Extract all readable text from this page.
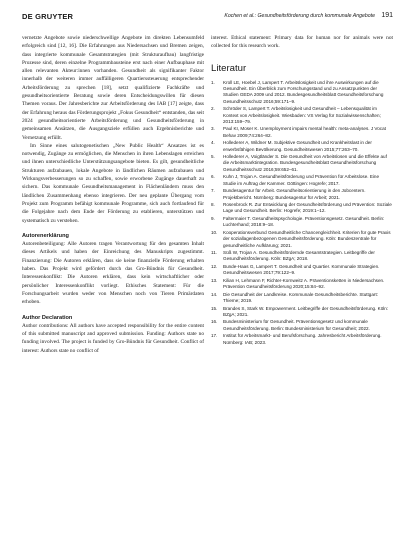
DE GRUYTER	Kochen et al.: Gesundheitsförderung durch kommunale Angebote 191

vernetzte Angebote sowie niederschwellige Angebote im direkten Lebensumfeld erfolgreich sind [12, 16]. Die Erfahrungen aus Niedersachsen und Bremen zeigen, dass integrierte kommunale Gesamtstrategien (mit Strukturaufbau) langfristige Prozesse sind, deren einzelne Programmbausteine erst nach einer Aufbauphase mit allen relevanten Akteur:innen vorhanden. Gesundheit als signifikanter Faktor innerhalb der weiteren immer auffälligeren Quartierssteuerung entsprechender Arbeitsförderung zu sprechen [18], setzt qualifizierte Fachkräfte und gesundheitsorientierte Beratung sowie deren Entscheidungswillen für diesen Themen voraus. Der Jahresberichte zur Arbeitsförderung des IAB [17] zeigte, dass der Erfahrung heraus das Förderungsprojekt „Fokus Gesundheit“ entstanden, das seit 2024 gesundheitsorientierte Arbeitsförderung und Gesundheitsförderung in gemeinsamen Ansätzen, die Ausgangsziele erfüllen auch Ergebnisberichte und Vernetzung erfüllt.

Im Sinne eines salutogenetischen „New Public Health“ Ansatzes ist es notwendig, Zugänge zu ermöglichen, die Menschen in ihren Lebenslagen erreichen und ihnen unterschiedliche Unterstützungsangebote bieten. Es gilt, gesundheitliche Strukturen aufzubauen, lokale Angebote in ländlichen Räumen aufzubauen und Wirkungsverbesserungen so zu schaffen, sowie erworbene Zugänge dauerhaft zu sichern. Das kommunale Gesundheitsmanagement in Flächenländern muss den ländlichen Zusammenhang ebenso integrieren. Der neu geplante Übergang vom Projekt zum Programm befähigt kommunale Programme, sich auch fortlaufend für die Folgejahre nach dem Ende der Förderung zu etablieren, unterstützen und systematisch zu verstehen.

Autorenerklärung

Autorenbeteiligung: Alle Autoren tragen Verantwortung für den gesamten Inhalt dieses Artikels und haben der Einreichung des Manuskripts zugestimmt. Finanzierung: Die Autoren erklären, dass sie keine finanzielle Förderung erhalten haben. Das Projekt wird gefördert durch das Gro-Bündnis für Gesundheit. Interessenkonflikt: Die Autoren erklären, dass kein wirtschaftlicher oder persönlicher Interessenkonflikt vorliegt. Ethisches Statement: Für die Forschungsarbeit wurden weder von Menschen noch von Tieren Primärdaten erhoben.

Author Declaration

Author contributions: All authors have accepted responsibility for the entire content of this submitted manuscript and approved submission. Funding: Authors state no funding involved. The project is funded by Gro-Bündnis für Gesundheit. Conflict of interest: Authors state no conflict of

interest. Ethical statement: Primary data for human nor for animals were not collected for this research work.

Literatur
1. Kroll LE, Hoebel J, Lampert T. Arbeitslosigkeit und ihre Auswirkungen auf die Gesundheit. Ein Überblick zum Forschungsstand und zu Ansatzpunkten der Studien GEDA 2009 und 2012. Bundesgesundheitsblatt Gesundheitsforschung Gesundheitsschutz 2016;59:171–9.
2. Schröder S, Lampert T. Arbeitslosigkeit und Gesundheit – Lebensqualität im Kontext von Arbeitslosigkeit. Wiesbaden: VS Verlag für Sozialwissenschaften; 2013:159–79.
3. Paul KI, Moser K. Unemployment impairs mental health: meta-analyses. J Vocat Behav 2009;74:264–82.
4. Hollederer A, Wildner M. Subjektive Gesundheit und Krankheitslast in der erwerbsfähigen Bevölkerung. Gesundheitswesen 2015;77:263–70.
5. Hollederer A, Voigtländer S. Die Gesundheit von Arbeitslosen und die Effekte auf die Arbeitsmarktintegration. Bundesgesundheitsblatt Gesundheitsforschung Gesundheitsschutz 2016;59:652–61.
6. Kuhn J, Trojan A. Gesundheitsförderung und Prävention für Arbeitslose. Eine Studie im Auftrag der Kammer. Göttingen: Hogrefe; 2017.
7. Bundesagentur für Arbeit. Gesundheitsorientierung in den Jobcentern. Projektbericht. Nürnberg: Bundesagentur für Arbeit; 2021.
8. Rosenbrock R. Zur Entwicklung der Gesundheitsförderung und Prävention: Soziale Lage und Gesundheit. Berlin: Hogrefe; 2019:1–12.
9. Faltermaier T. Gesundheitspsychologie. Präventionsgesetz. Gesundheit. Berlin: Luchterhand; 2018:9–18.
10. Kooperationsverbund Gesundheitliche Chancengleichheit. Kriterien für gute Praxis der soziallagenbezogenen Gesundheitsförderung. Köln: Bundeszentrale für gesundheitliche Aufklärung; 2021.
11. Süß W, Trojan A. Gesundheitsfördernde Gesamtstrategien. Leitbegriffe der Gesundheitsförderung. Köln: BZgA; 2018.
12. Bunde-Haas G, Lampert T. Gesundheit und Quartier. Kommunale Strategien. Gesundheitswesen 2017;79:122–9.
13. Kilian H, Lehmann F, Richter-Kornweitz A. Präventionsketten in Niedersachsen. Prävention Gesundheitsförderung 2020;15:84–92.
14. Die Gesundheit der Landkreise. Kommunale Gesundheitsberichte. Stuttgart: Thieme; 2019.
15. Brandes S, Stark W. Empowerment. Leitbegriffe der Gesundheitsförderung. Köln: BZgA; 2021.
16. Bundesministerium für Gesundheit. Präventionsgesetz und kommunale Gesundheitsförderung. Berlin: Bundesministerium für Gesundheit; 2022.
17. Institut für Arbeitsmarkt- und Berufsforschung. Jahresbericht Arbeitsförderung. Nürnberg: IAB; 2023.
